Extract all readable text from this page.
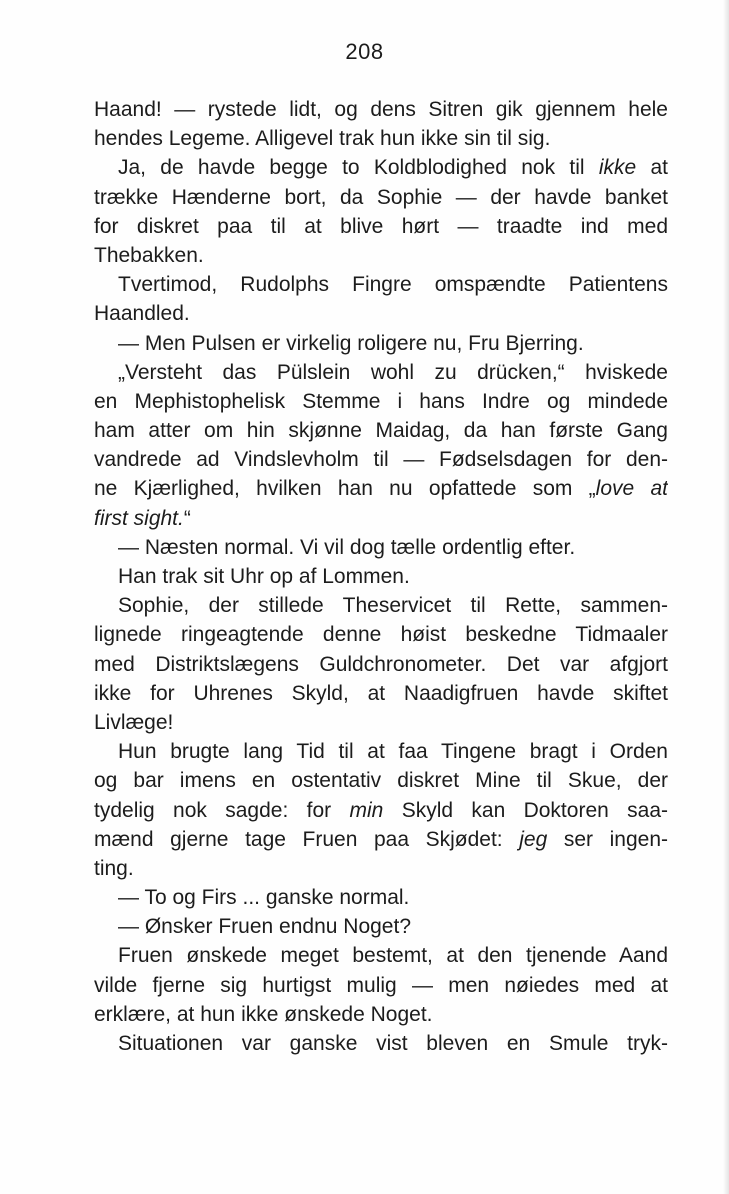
208
Haand! — rystede lidt, og dens Sitren gik gjennem hele
hendes Legeme. Alligevel trak hun ikke sin til sig.
Ja, de havde begge to Koldblodighed nok til ikke at
trække Hænderne bort, da Sophie — der havde banket
for diskret paa til at blive hørt — traadte ind med
Thebakken.
Tvertimod, Rudolphs Fingre omspændte Patientens
Haandled.
— Men Pulsen er virkelig roligere nu, Fru Bjerring.
„Versteht das Pülslein wohl zu drücken,“ hviskede
en Mephistophelisk Stemme i hans Indre og mindede
ham atter om hin skjønne Maidag, da han første Gang
vandrede ad Vindslevholm til — Fødselsdagen for den-
ne Kjærlighed, hvilken han nu opfattede som „love at
first sight.“
— Næsten normal. Vi vil dog tælle ordentlig efter.
Han trak sit Uhr op af Lommen.
Sophie, der stillede Theservicet til Rette, sammen-
lignede ringeagtende denne høist beskedne Tidmaaler
med Distriktslægens Guldchronometer. Det var afgjort
ikke for Uhrenes Skyld, at Naadigfruen havde skiftet
Livlæge!
Hun brugte lang Tid til at faa Tingene bragt i Orden
og bar imens en ostentativ diskret Mine til Skue, der
tydelig nok sagde: for min Skyld kan Doktoren saa-
mænd gjerne tage Fruen paa Skjødet: jeg ser ingen-
ting.
— To og Firs ... ganske normal.
— Ønsker Fruen endnu Noget?
Fruen ønskede meget bestemt, at den tjenende Aand
vilde fjerne sig hurtigst mulig — men nøiedes med at
erklære, at hun ikke ønskede Noget.
Situationen var ganske vist bleven en Smule tryk-
